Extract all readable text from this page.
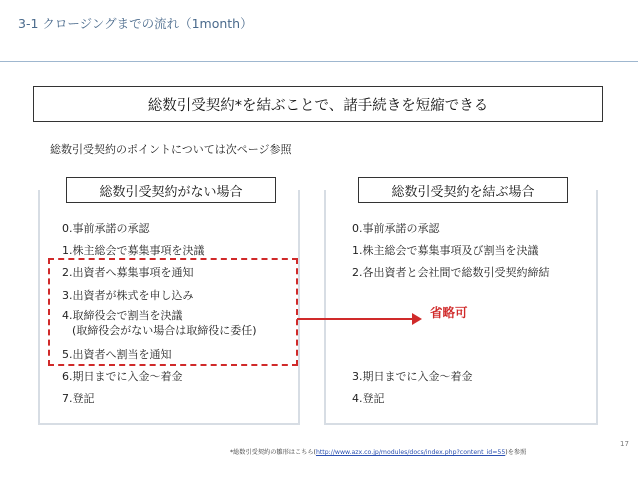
3-1 クロージングまでの流れ（1month）
総数引受契約*を結ぶことで、諸手続きを短縮できる
総数引受契約のポイントについては次ページ参照
総数引受契約がない場合
0.事前承諾の承認
1.株主総会で募集事項を決議
2.出資者へ募集事項を通知
3.出資者が株式を申し込み
4.取締役会で割当を決議
(取締役会がない場合は取締役に委任)
5.出資者へ割当を通知
6.期日までに入金～着金
7.登記
総数引受契約を結ぶ場合
0.事前承諾の承認
1.株主総会で募集事項及び割当を決議
2.各出資者と会社間で総数引受契約締結
3.期日までに入金～着金
4.登記
省略可
*総数引受契約の雛形はこちら(http://www.azx.co.jp/modules/docs/index.php?content_id=55)を参照
17
